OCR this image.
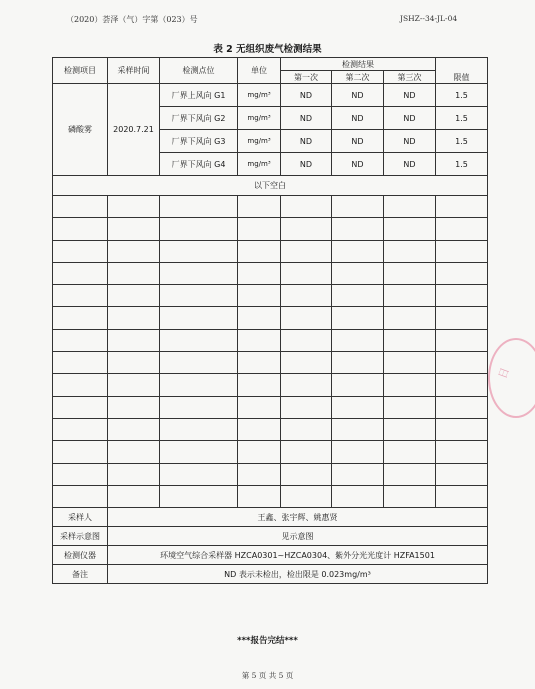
（2020）荟泽（气）字第（023）号	JSHZ--34-JL-04
表 2 无组织废气检测结果
检测项目	采样时间	检测点位	单位	检测结果			限值
				第一次	第二次	第三次	
磷酸雾	2020.7.21	厂界上风向 G1	mg/m³	ND	ND	ND	1.5
		厂界下风向 G2	mg/m³	ND	ND	ND	1.5
		厂界下风向 G3	mg/m³	ND	ND	ND	1.5
		厂界下风向 G4	mg/m³	ND	ND	ND	1.5
以下空白							

采样人	王鑫、张宇辉、姚惠贤						
采样示意图	见示意图						
检测仪器	环境空气综合采样器 HZCA0301~HZCA0304、紫外分光光度计 HZFA1501						
备注	ND 表示未检出，检出限是 0.023mg/m³						
***报告完结***
第 5 页 共 5 页
日
